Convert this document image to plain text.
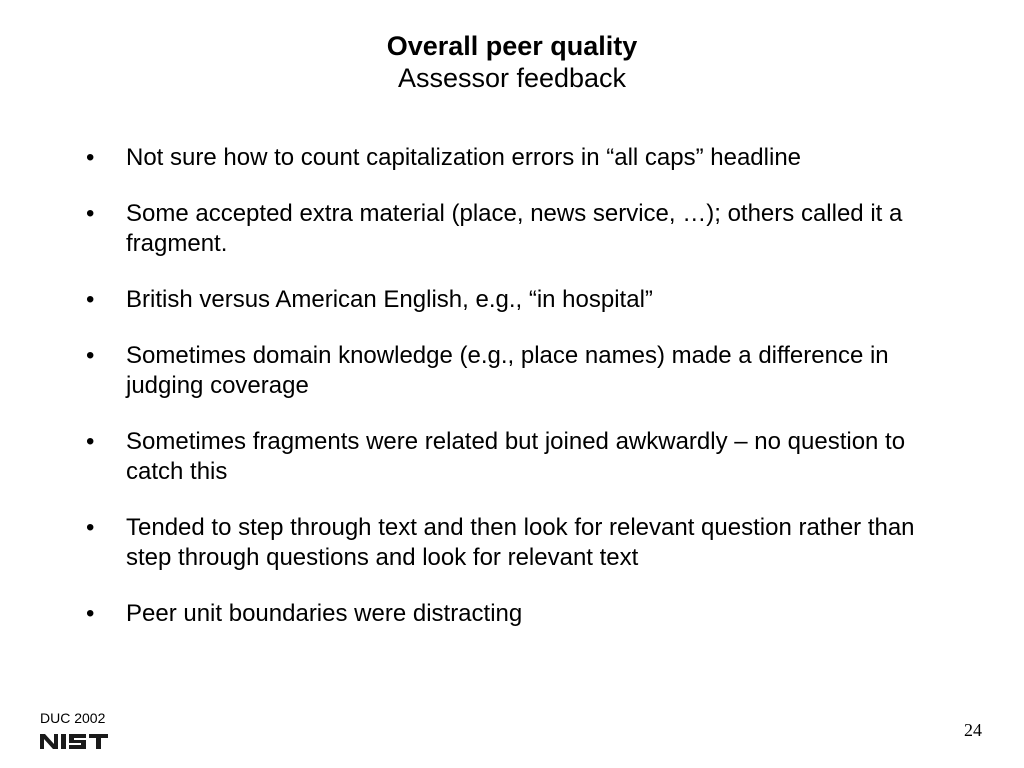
Overall peer quality
Assessor feedback
•	Not sure how to count capitalization errors in “all caps” headline
•	Some accepted extra material (place, news service, …); others called it a fragment.
•	British versus American English, e.g., “in hospital”
•	Sometimes domain knowledge (e.g., place names) made a difference in judging coverage
•	Sometimes fragments were related but joined awkwardly – no question to catch this
•	Tended to step through text and then look for relevant question rather than step through questions and look for relevant text
•	Peer unit boundaries were distracting
DUC 2002
24
